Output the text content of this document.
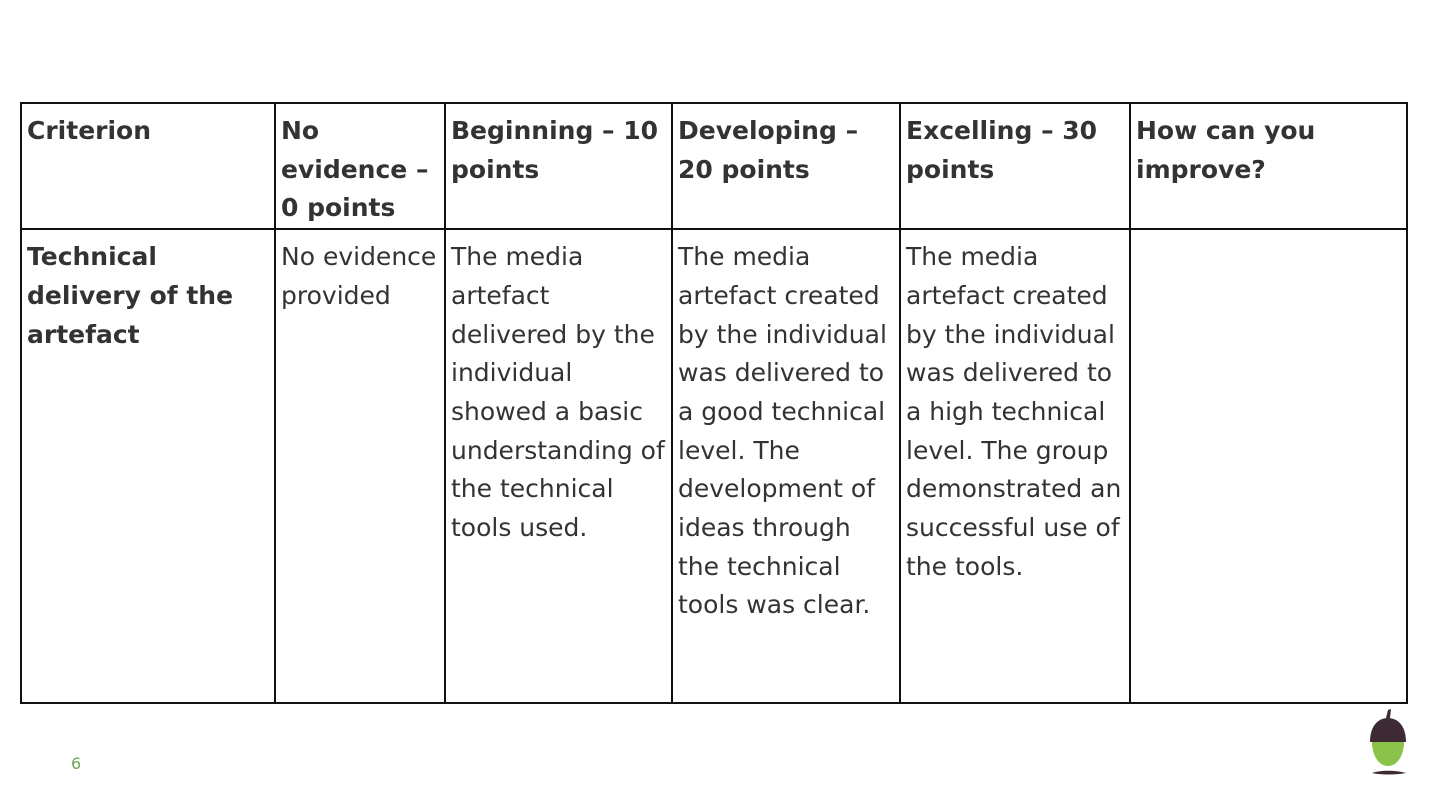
Criterion	No evidence – 0 points	Beginning – 10 points	Developing – 20 points	Excelling – 30 points	How can you improve?
Technical delivery of the artefact	No evidence provided	The media artefact delivered by the individual showed a basic understanding of the technical tools used.	The media artefact created by the individual was delivered to a good technical level. The development of ideas through the technical tools was clear.	The media artefact created by the individual was delivered to a high technical level. The group demonstrated an successful use of the tools.	
6
